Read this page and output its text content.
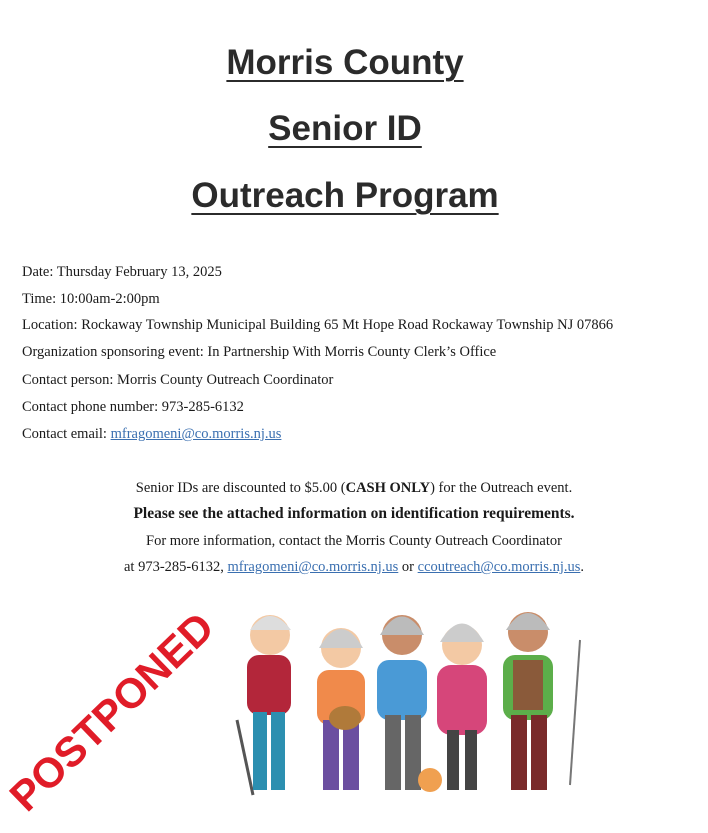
Morris County
Senior ID
Outreach Program
Date: Thursday February 13, 2025
Time: 10:00am-2:00pm
Location: Rockaway Township Municipal Building 65 Mt Hope Road Rockaway Township NJ 07866
Organization sponsoring event: In Partnership With Morris County Clerk’s Office
Contact person: Morris County Outreach Coordinator
Contact phone number: 973-285-6132
Contact email: mfragomeni@co.morris.nj.us
Senior IDs are discounted to $5.00 (CASH ONLY) for the Outreach event.
Please see the attached information on identification requirements.
For more information, contact the Morris County Outreach Coordinator
at 973-285-6132, mfragomeni@co.morris.nj.us or ccoutreach@co.morris.nj.us.
POSTPONED
